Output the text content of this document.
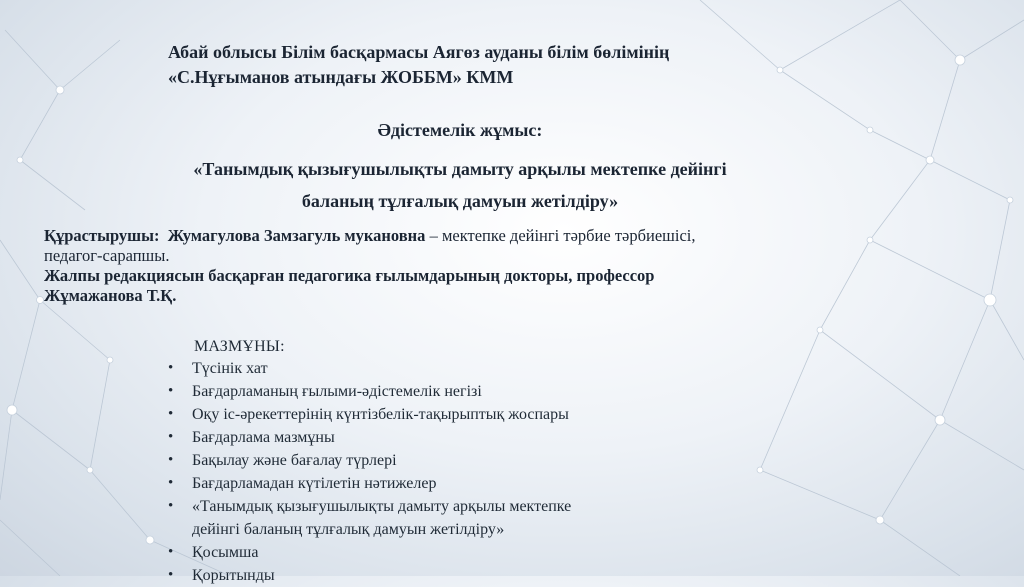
Абай облысы Білім басқармасы Аягөз ауданы білім бөлімінің
«С.Нұғыманов атындағы ЖОББМ» КММ
Әдістемелік жұмыс:
«Танымдық қызығушылықты дамыту арқылы мектепке дейінгі
баланың тұлғалық дамуын жетілдіру»
Құрастырушы: Жумагулова Замзагуль мукановна – мектепке дейінгі тәрбие тәрбиешісі,
педагог-сарапшы.
Жалпы редакциясын басқарған педагогика ғылымдарының докторы, профессор
Жұмажанова Т.Қ.
МАЗМҰНЫ:
• Түсінік хат
• Бағдарламаның ғылыми-әдістемелік негізі
• Оқу іс-әрекеттерінің күнтізбелік-тақырыптық жоспары
• Бағдарлама мазмұны
• Бақылау және бағалау түрлері
• Бағдарламадан күтілетін нәтижелер
• «Танымдық қызығушылықты дамыту арқылы мектепке
дейінгі баланың тұлғалық дамуын жетілдіру»
• Қосымша
• Қорытынды
